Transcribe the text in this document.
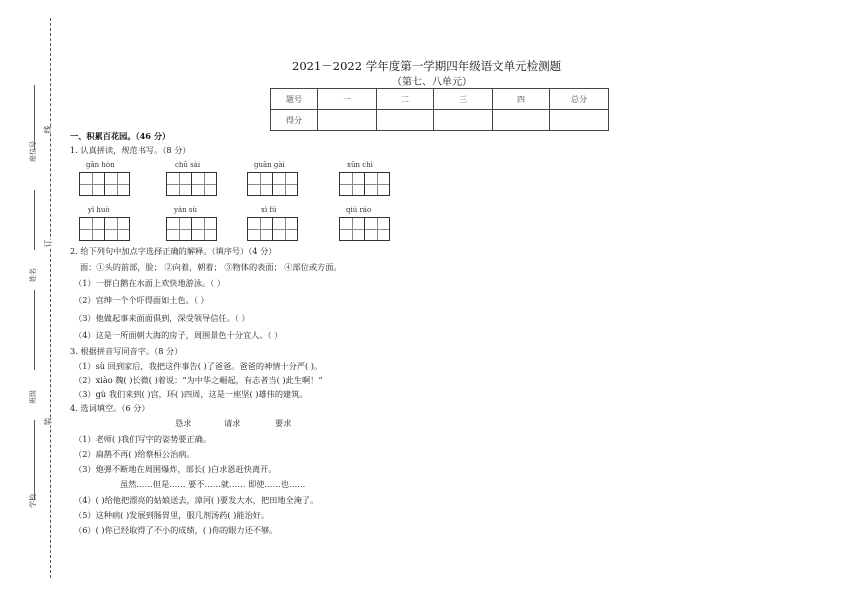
座位号
姓名
班级
学校
线
订
装
2021－2022 学年度第一学期四年级语文单元检测题
（第七、八单元）
题号	一	二	三	四	总分
得分					
一、积累百花园。（46 分）
1. 认真拼读，规范书写。（8 分）
gān hòn	chū sài	guān gài	xūn chì
yì huò	yán sù	xì fú	qiú ráo
2. 给下列句中加点字选择正确的解释。（填序号）（4 分）
面：①头的前部，脸； ②向着，朝着； ③物体的表面； ④部位或方面。
（1）一群白鹅在水面上欢快地游泳。（ ）
（2）官绅一个个吓得面如土色。（ ）
（3）他做起事来面面俱到，深受领导信任。（ ）
（4）这是一所面朝大海的房子，周围景色十分宜人。（ ）
3. 根据拼音写同音字。（8 分）
（1）sù 回到家后，我把这件事告( )了爸爸。爸爸的神情十分严( )。
（2）xiào 魏( )长微( )着说：“为中华之崛起，有志者当( )此生啊！”
（3）gù 我们来到( )宫，环( )四周，这是一座坚( )雄伟的建筑。
4. 选词填空。（6 分）
恳求	请求	要求
（1）老师( )我们写字的姿势要正确。
（2）扁鹊不再( )给蔡桓公治病。
（3）炮弹不断地在周围爆炸，部长( )白求恩赶快离开。
虽然……但是…… 要不……就…… 即使……也……
（4）( )给他把漂亮的姑娘送去，漳河( )要发大水，把田地全淹了。
（5）这种病( )发展到肠胃里，服几剂汤药( )能治好。
（6）( )你已经取得了不小的成绩，( )你的眼力还不够。
